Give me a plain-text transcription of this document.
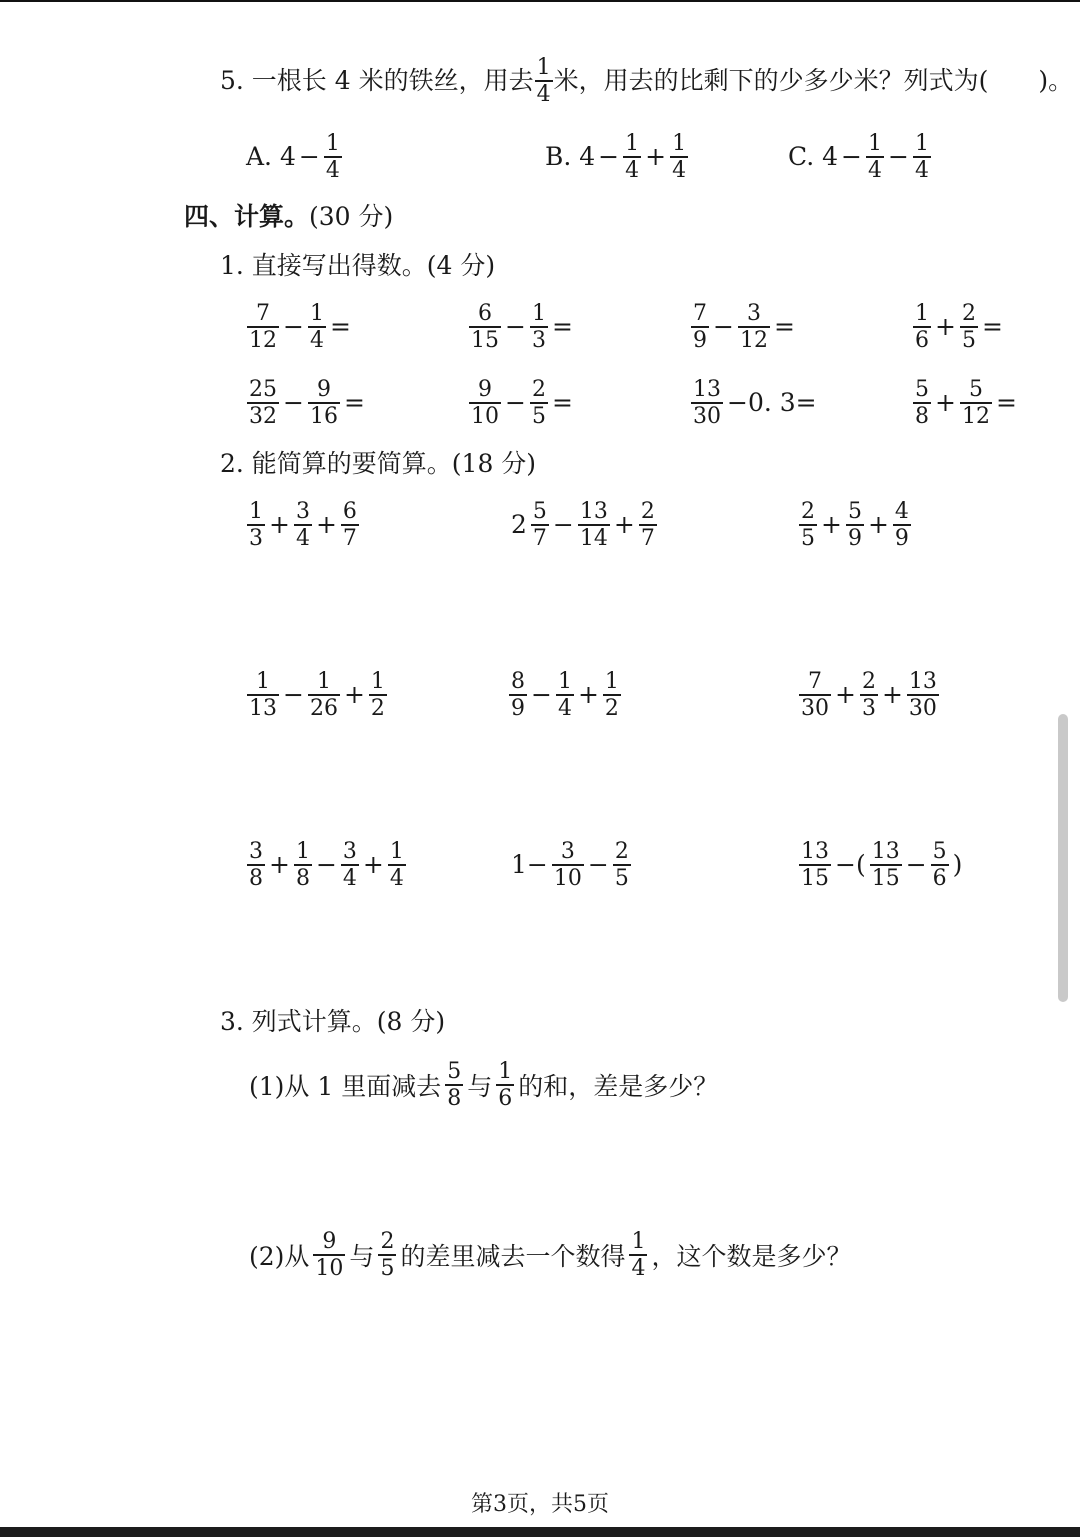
5. 一根长 4 米的铁丝，用去 $\frac{1}{4}$ 米，用去的比剩下的少多少米？列式为(　　)。
A. $4 - \frac{1}{4}$	B. $4 - \frac{1}{4} + \frac{1}{4}$	C. $4 - \frac{1}{4} - \frac{1}{4}$
四、计算。 (30 分)
1. 直接写出得数。(4 分)
$\frac{7}{12} - \frac{1}{4}$ =	$\frac{6}{15} - \frac{1}{3}$ =	$\frac{7}{9} - \frac{3}{12}$ =	$\frac{1}{6} + \frac{2}{5}$ =
$\frac{25}{32} - \frac{9}{16}$ =	$\frac{9}{10} - \frac{2}{5}$ =	$\frac{13}{30} -0$. 3=	$\frac{5}{8} + \frac{5}{12}$ =
2. 能简算的要简算。(18 分)
$\frac{1}{3} + \frac{3}{4} + \frac{6}{7}$	$2 \frac{5}{7} - \frac{13}{14} + \frac{2}{7}$	$\frac{2}{5} + \frac{5}{9} + \frac{4}{9}$
$\frac{1}{13} - \frac{1}{26} + \frac{1}{2}$	$\frac{8}{9} - \frac{1}{4} + \frac{1}{2}$	$\frac{7}{30} + \frac{2}{3} + \frac{13}{30}$
$\frac{3}{8} + \frac{1}{8} - \frac{3}{4} + \frac{1}{4}$	$1- \frac{3}{10} - \frac{2}{5}$	$\frac{13}{15}$ −( $\frac{13}{15} - \frac{5}{6}$ )
3. 列式计算。(8 分)
(1)从 1 里面减去 $\frac{5}{8}$ 与 $\frac{1}{6}$ 的和，差是多少？
(2)从 $\frac{9}{10}$ 与 $\frac{2}{5}$ 的差里减去一个数得 $\frac{1}{4}$ ，这个数是多少？
第3页，共5页
